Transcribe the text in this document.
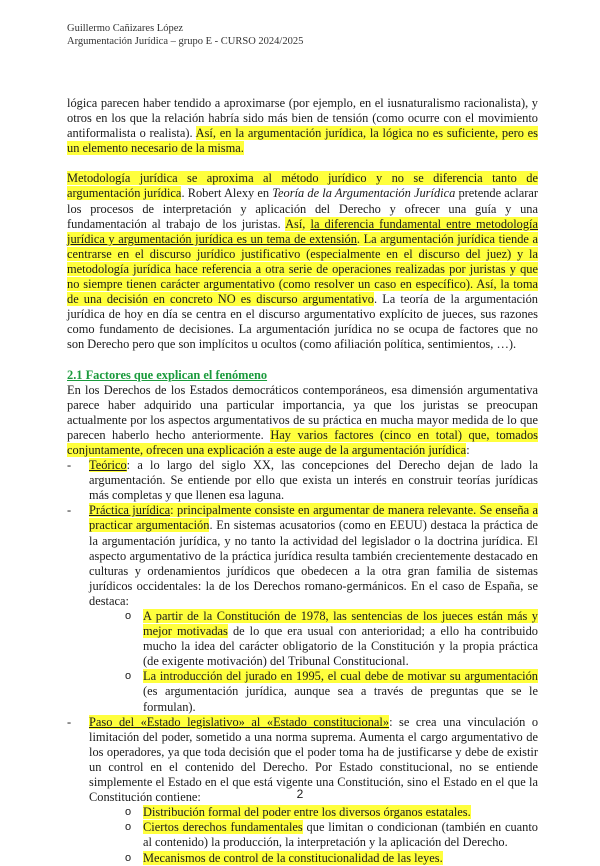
Guillermo Cañizares López
Argumentación Jurídica – grupo E - CURSO 2024/2025

lógica parecen haber tendido a aproximarse (por ejemplo, en el iusnaturalismo racionalista), y otros en los que la relación habría sido más bien de tensión (como ocurre con el movimiento antiformalista o realista). Así, en la argumentación jurídica, la lógica no es suficiente, pero es un elemento necesario de la misma.

Metodología jurídica se aproxima al método jurídico y no se diferencia tanto de argumentación jurídica. Robert Alexy en Teoría de la Argumentación Jurídica pretende aclarar los procesos de interpretación y aplicación del Derecho y ofrecer una guía y una fundamentación al trabajo de los juristas. Así, la diferencia fundamental entre metodología jurídica y argumentación jurídica es un tema de extensión. La argumentación jurídica tiende a centrarse en el discurso jurídico justificativo (especialmente en el discurso del juez) y la metodología jurídica hace referencia a otra serie de operaciones realizadas por juristas y que no siempre tienen carácter argumentativo (como resolver un caso en específico). Así, la toma de una decisión en concreto NO es discurso argumentativo. La teoría de la argumentación jurídica de hoy en día se centra en el discurso argumentativo explícito de jueces, sus razones como fundamento de decisiones. La argumentación jurídica no se ocupa de factores que no son Derecho pero que son implícitos u ocultos (como afiliación política, sentimientos, …).

2.1 Factores que explican el fenómeno

En los Derechos de los Estados democráticos contemporáneos, esa dimensión argumentativa parece haber adquirido una particular importancia, ya que los juristas se preocupan actualmente por los aspectos argumentativos de su práctica en mucha mayor medida de lo que parecen haberlo hecho anteriormente. Hay varios factores (cinco en total) que, tomados conjuntamente, ofrecen una explicación a este auge de la argumentación jurídica:

- Teórico: a lo largo del siglo XX, las concepciones del Derecho dejan de lado la argumentación. Se entiende por ello que exista un interés en construir teorías jurídicas más completas y que llenen esa laguna.
- Práctica jurídica: principalmente consiste en argumentar de manera relevante. Se enseña a practicar argumentación. En sistemas acusatorios (como en EEUU) destaca la práctica de la argumentación jurídica, y no tanto la actividad del legislador o la doctrina jurídica. El aspecto argumentativo de la práctica jurídica resulta también crecientemente destacado en culturas y ordenamientos jurídicos que obedecen a la otra gran familia de sistemas jurídicos occidentales: la de los Derechos romano-germánicos. En el caso de España, se destaca:
o A partir de la Constitución de 1978, las sentencias de los jueces están más y mejor motivadas de lo que era usual con anterioridad; a ello ha contribuido mucho la idea del carácter obligatorio de la Constitución y la propia práctica (de exigente motivación) del Tribunal Constitucional.
o La introducción del jurado en 1995, el cual debe de motivar su argumentación (es argumentación jurídica, aunque sea a través de preguntas que se le formulan).
- Paso del «Estado legislativo» al «Estado constitucional»: se crea una vinculación o limitación del poder, sometido a una norma suprema. Aumenta el cargo argumentativo de los operadores, ya que toda decisión que el poder toma ha de justificarse y debe de existir un control en el contenido del Derecho. Por Estado constitucional, no se entiende simplemente el Estado en el que está vigente una Constitución, sino el Estado en el que la Constitución contiene:
o Distribución formal del poder entre los diversos órganos estatales.
o Ciertos derechos fundamentales que limitan o condicionan (también en cuanto al contenido) la producción, la interpretación y la aplicación del Derecho.
o Mecanismos de control de la constitucionalidad de las leyes.
2
